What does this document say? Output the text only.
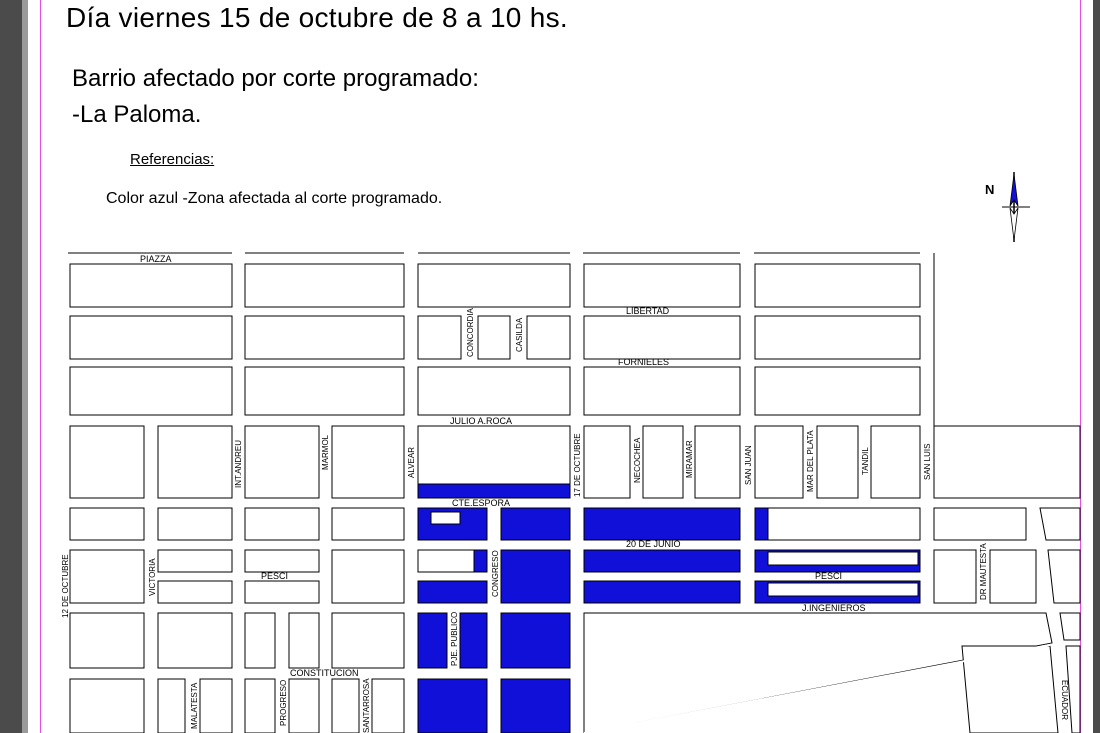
Día viernes 15 de octubre de 8 a 10 hs.
Barrio afectado por corte programado:
-La Paloma.
Referencias:
Color azul -Zona afectada al corte programado.
N
PIAZZA
LIBERTAD
FORNIELES
JULIO A.ROCA
CTE.ESPORA
20 DE JUNIO
PESCI	PESCI
J.INGENIEROS
CONSTITUCION
CONCORDIA	CASILDA
INT.ANDREU	MARMOL	ALVEAR	17 DE OCTUBRE	NECOCHEA	MIRAMAR	SAN JUAN	MAR DEL PLATA	TANDIL	SAN LUIS
12 DE OCTUBRE	VICTORIA	CONGRESO
PJE. PUBLICO
MALATESTA	PROGRESO	SANTARROSA
DR MAUTESTA
ECUADOR
